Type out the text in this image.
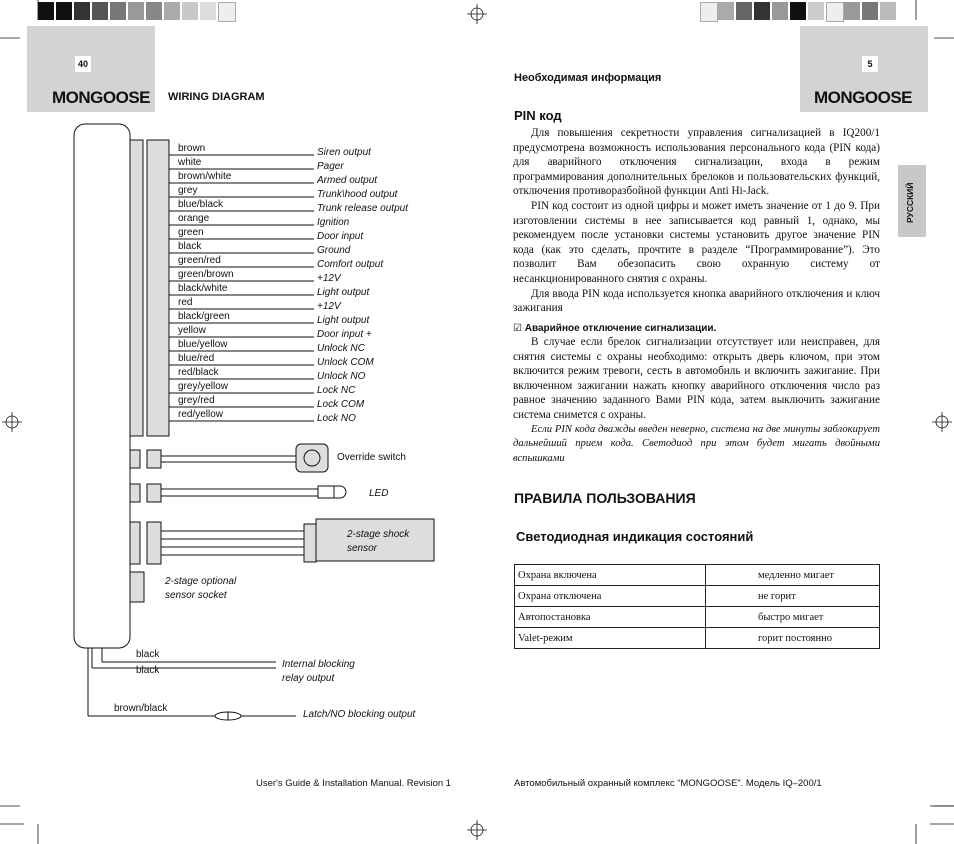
40
MONGOOSE WIRING DIAGRAM
brown	Siren output
white	Pager
brown/white	Armed output
grey	Trunk\hood output
blue/black	Trunk release output
orange	Ignition
green	Door input
black	Ground
green/red	Comfort output
green/brown	+12V
black/white	Light output
red	+12V
black/green	Light output
yellow	Door input +
blue/yellow	Unlock NC
blue/red	Unlock COM
red/black	Unlock NO
grey/yellow	Lock NC
grey/red	Lock COM
red/yellow	Lock NO
Override switch
LED
2-stage shock
sensor
2-stage optional
sensor socket
black
black
Internal blocking
relay output
brown/black
Latch/NO blocking output
User's Guide & Installation Manual. Revision 1
5
MONGOOSE
Необходимая информация
РУССКИЙ
PIN код

Для повышения секретности управления сигнализацией в IQ200/1 предусмотрена возможность использования персонального кода (PIN кода) для аварийного отключения сигнализации, входа в режим программирования дополнительных брелоков и пользовательских функций, отключения противоразбойной функции Anti Hi-Jack.

PIN код состоит из одной цифры и может иметь значение от 1 до 9. При изготовлении системы в нее записывается код равный 1, однако, мы рекомендуем после установки системы установить другое значение PIN кода (как это сделать, прочтите в разделе “Программирование”). Это позволит Вам обезопасить свою охранную систему от несанкционированного снятия с охраны.

Для ввода PIN кода используется кнопка аварийного отключения и ключ зажигания

☑ Аварийное отключение сигнализации.

В случае если брелок сигнализации отсутствует или неисправен, для снятия системы с охраны необходимо: открыть дверь ключом, при этом включится режим тревоги, сесть в автомобиль и включить зажигание. При включенном зажигании нажать кнопку аварийного отключения число раз равное значению заданного Вами PIN кода, затем выключить зажигание система снимется с охраны.

Если PIN кода дважды введен неверно, система на две минуты заблокирует дальнейший прием кода. Светодиод при этом будет мигать двойными вспышками

ПРАВИЛА ПОЛЬЗОВАНИЯ
Светодиодная индикация состояний
Охрана включена	медленно мигает
Охрана отключена	не горит
Автопостановка	быстро мигает
Valet-режим	горит постоянно
Автомобильный охранный комплекс “MONGOOSE”. Модель IQ–200/1
